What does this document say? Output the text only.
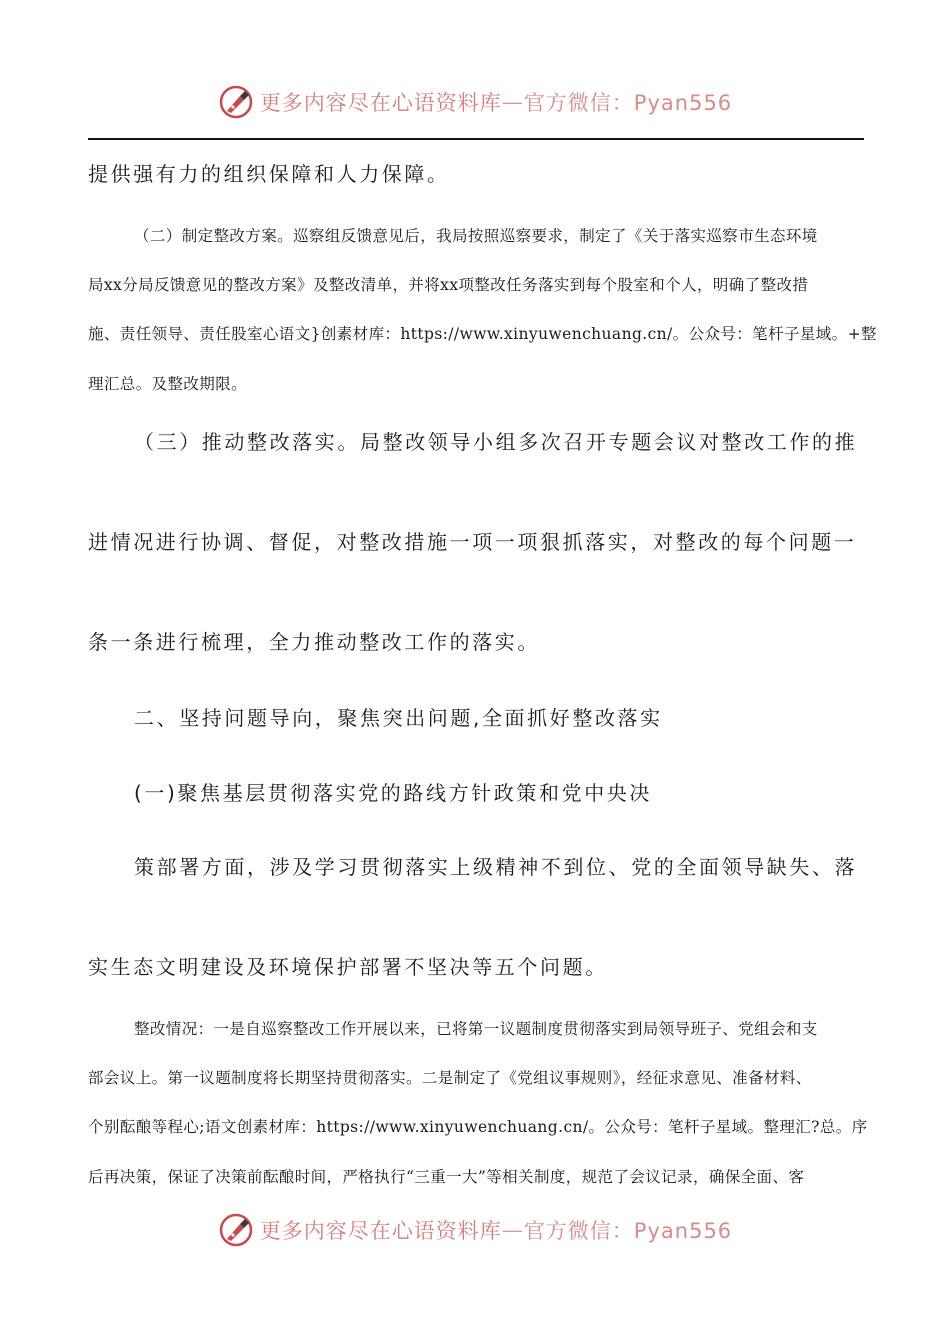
更多内容尽在心语资料库 — 官方微信：Pyan556
提供强有力的组织保障和人力保障。
（二）制定整改方案。巡察组反馈意见后，我局按照巡察要求，制定了《关于落实巡察市生态环境
局xx分局反馈意见的整改方案》及整改清单，并将xx项整改任务落实到每个股室和个人，明确了整改措
施、责任领导、责任股室心语文}创素材库：https://www.xinyuwenchuang.cn/。公众号：笔杆子星域。+整
理汇总。及整改期限。
（三）推动整改落实。局整改领导小组多次召开专题会议对整改工作的推
进情况进行协调、督促，对整改措施一项一项狠抓落实，对整改的每个问题一
条一条进行梳理，全力推动整改工作的落实。
二、坚持问题导向，聚焦突出问题,全面抓好整改落实
(一)聚焦基层贯彻落实党的路线方针政策和党中央决
策部署方面，涉及学习贯彻落实上级精神不到位、党的全面领导缺失、落
实生态文明建设及环境保护部署不坚决等五个问题。
整改情况：一是自巡察整改工作开展以来，已将第一议题制度贯彻落实到局领导班子、党组会和支
部会议上。第一议题制度将长期坚持贯彻落实。二是制定了《党组议事规则》，经征求意见、准备材料、
个别酝酿等程心;语文创素材库：https://www.xinyuwenchuang.cn/。公众号：笔杆子星域。整理汇?总。序
后再决策，保证了决策前酝酿时间，严格执行“三重一大”等相关制度，规范了会议记录，确保全面、客
更多内容尽在心语资料库 — 官方微信：Pyan556
